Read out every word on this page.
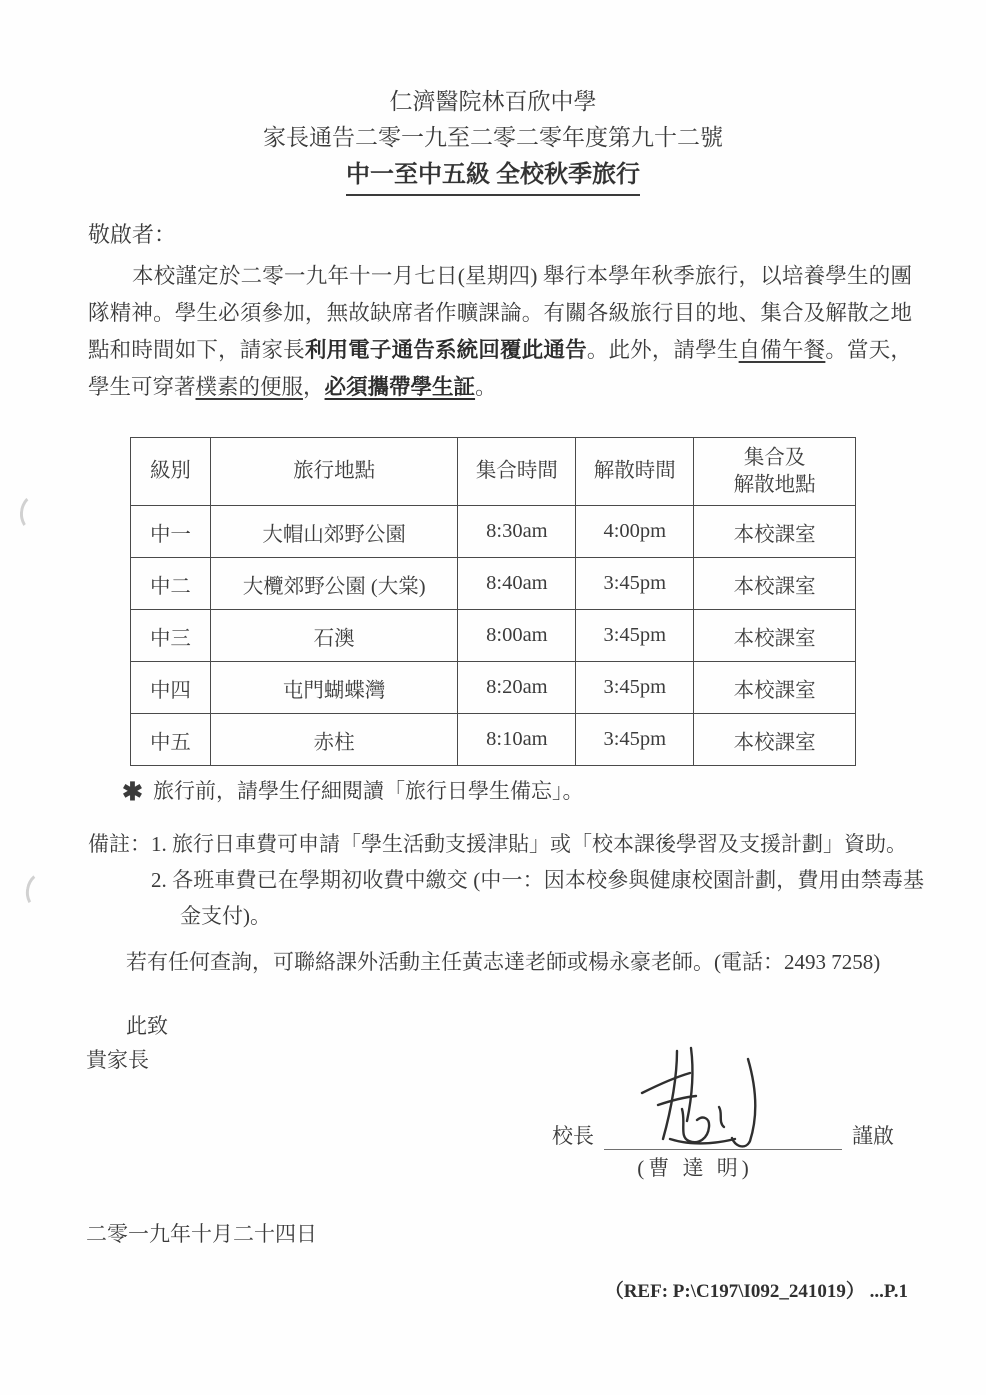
仁濟醫院林百欣中學
家長通告二零一九至二零二零年度第九十二號
中一至中五級 全校秋季旅行
敬啟者：

本校謹定於二零一九年十一月七日(星期四) 舉行本學年秋季旅行，以培養學生的團隊精神。學生必須參加，無故缺席者作曠課論。有關各級旅行目的地、集合及解散之地點和時間如下，請家長利用電子通告系統回覆此通告。此外，請學生自備午餐。當天，學生可穿著樸素的便服，必須攜帶學生証。

級別	旅行地點	集合時間	解散時間	集合及
解散地點
中一	大帽山郊野公園	8:30am	4:00pm	本校課室
中二	大欖郊野公園 (大棠)	8:40am	3:45pm	本校課室
中三	石澳	8:00am	3:45pm	本校課室
中四	屯門蝴蝶灣	8:20am	3:45pm	本校課室
中五	赤柱	8:10am	3:45pm	本校課室
✱ 旅行前，請學生仔細閱讀「旅行日學生備忘」。
備註： 1. 旅行日車費可申請「學生活動支援津貼」或「校本課後學習及支援計劃」資助。
2. 各班車費已在學期初收費中繳交 (中一：因本校參與健康校園計劃，費用由禁毒基金支付)。
若有任何查詢，可聯絡課外活動主任黃志達老師或楊永豪老師。(電話：2493 7258)
此致
貴家長
校長	謹啟
(曹 達 明)
二零一九年十月二十四日
（REF: P:\C197\I092_241019） ...P.1
